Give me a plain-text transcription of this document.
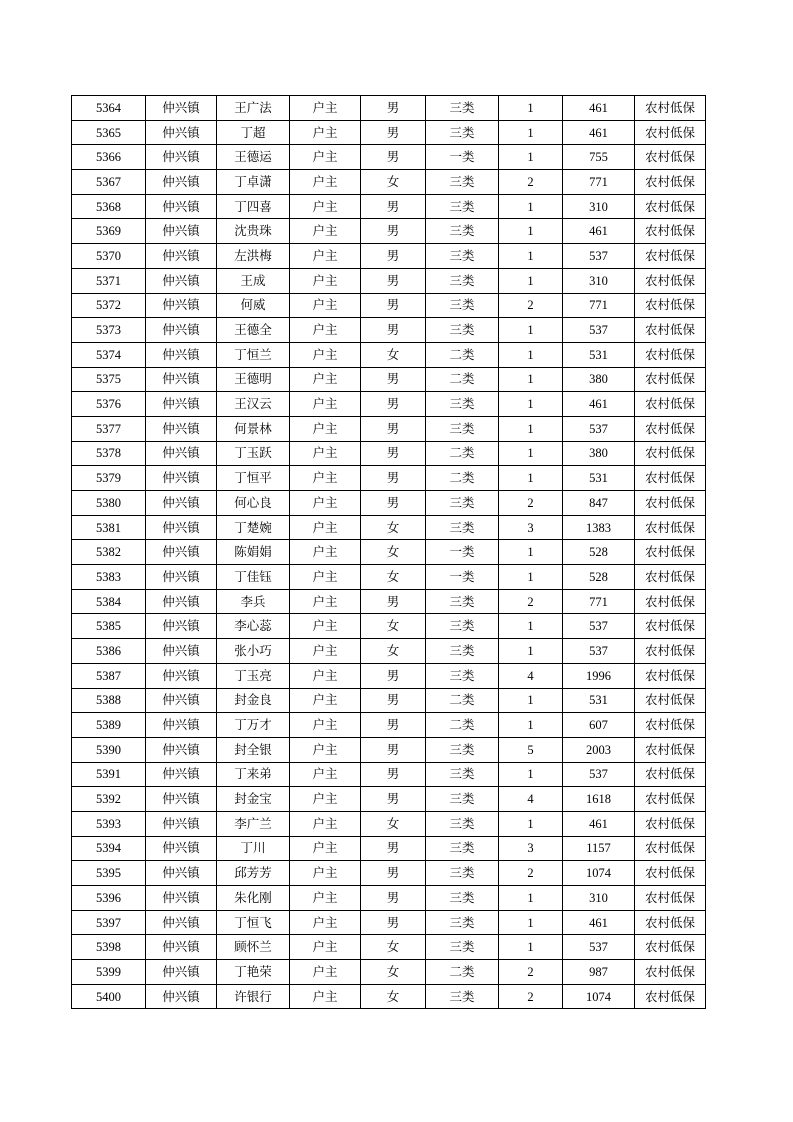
5364	仲兴镇	王广法	户主	男	三类	1	461	农村低保
5365	仲兴镇	丁超	户主	男	三类	1	461	农村低保
5366	仲兴镇	王德运	户主	男	一类	1	755	农村低保
5367	仲兴镇	丁卓潇	户主	女	三类	2	771	农村低保
5368	仲兴镇	丁四喜	户主	男	三类	1	310	农村低保
5369	仲兴镇	沈贵珠	户主	男	三类	1	461	农村低保
5370	仲兴镇	左洪梅	户主	男	三类	1	537	农村低保
5371	仲兴镇	王成	户主	男	三类	1	310	农村低保
5372	仲兴镇	何威	户主	男	三类	2	771	农村低保
5373	仲兴镇	王德全	户主	男	三类	1	537	农村低保
5374	仲兴镇	丁恒兰	户主	女	二类	1	531	农村低保
5375	仲兴镇	王德明	户主	男	二类	1	380	农村低保
5376	仲兴镇	王汉云	户主	男	三类	1	461	农村低保
5377	仲兴镇	何景林	户主	男	三类	1	537	农村低保
5378	仲兴镇	丁玉跃	户主	男	二类	1	380	农村低保
5379	仲兴镇	丁恒平	户主	男	二类	1	531	农村低保
5380	仲兴镇	何心良	户主	男	三类	2	847	农村低保
5381	仲兴镇	丁楚婉	户主	女	三类	3	1383	农村低保
5382	仲兴镇	陈娟娟	户主	女	一类	1	528	农村低保
5383	仲兴镇	丁佳钰	户主	女	一类	1	528	农村低保
5384	仲兴镇	李兵	户主	男	三类	2	771	农村低保
5385	仲兴镇	李心蕊	户主	女	三类	1	537	农村低保
5386	仲兴镇	张小巧	户主	女	三类	1	537	农村低保
5387	仲兴镇	丁玉亮	户主	男	三类	4	1996	农村低保
5388	仲兴镇	封金良	户主	男	二类	1	531	农村低保
5389	仲兴镇	丁万才	户主	男	二类	1	607	农村低保
5390	仲兴镇	封全银	户主	男	三类	5	2003	农村低保
5391	仲兴镇	丁来弟	户主	男	三类	1	537	农村低保
5392	仲兴镇	封金宝	户主	男	三类	4	1618	农村低保
5393	仲兴镇	李广兰	户主	女	三类	1	461	农村低保
5394	仲兴镇	丁川	户主	男	三类	3	1157	农村低保
5395	仲兴镇	邱芳芳	户主	男	三类	2	1074	农村低保
5396	仲兴镇	朱化刚	户主	男	三类	1	310	农村低保
5397	仲兴镇	丁恒飞	户主	男	三类	1	461	农村低保
5398	仲兴镇	顾怀兰	户主	女	三类	1	537	农村低保
5399	仲兴镇	丁艳荣	户主	女	二类	2	987	农村低保
5400	仲兴镇	许银行	户主	女	三类	2	1074	农村低保
